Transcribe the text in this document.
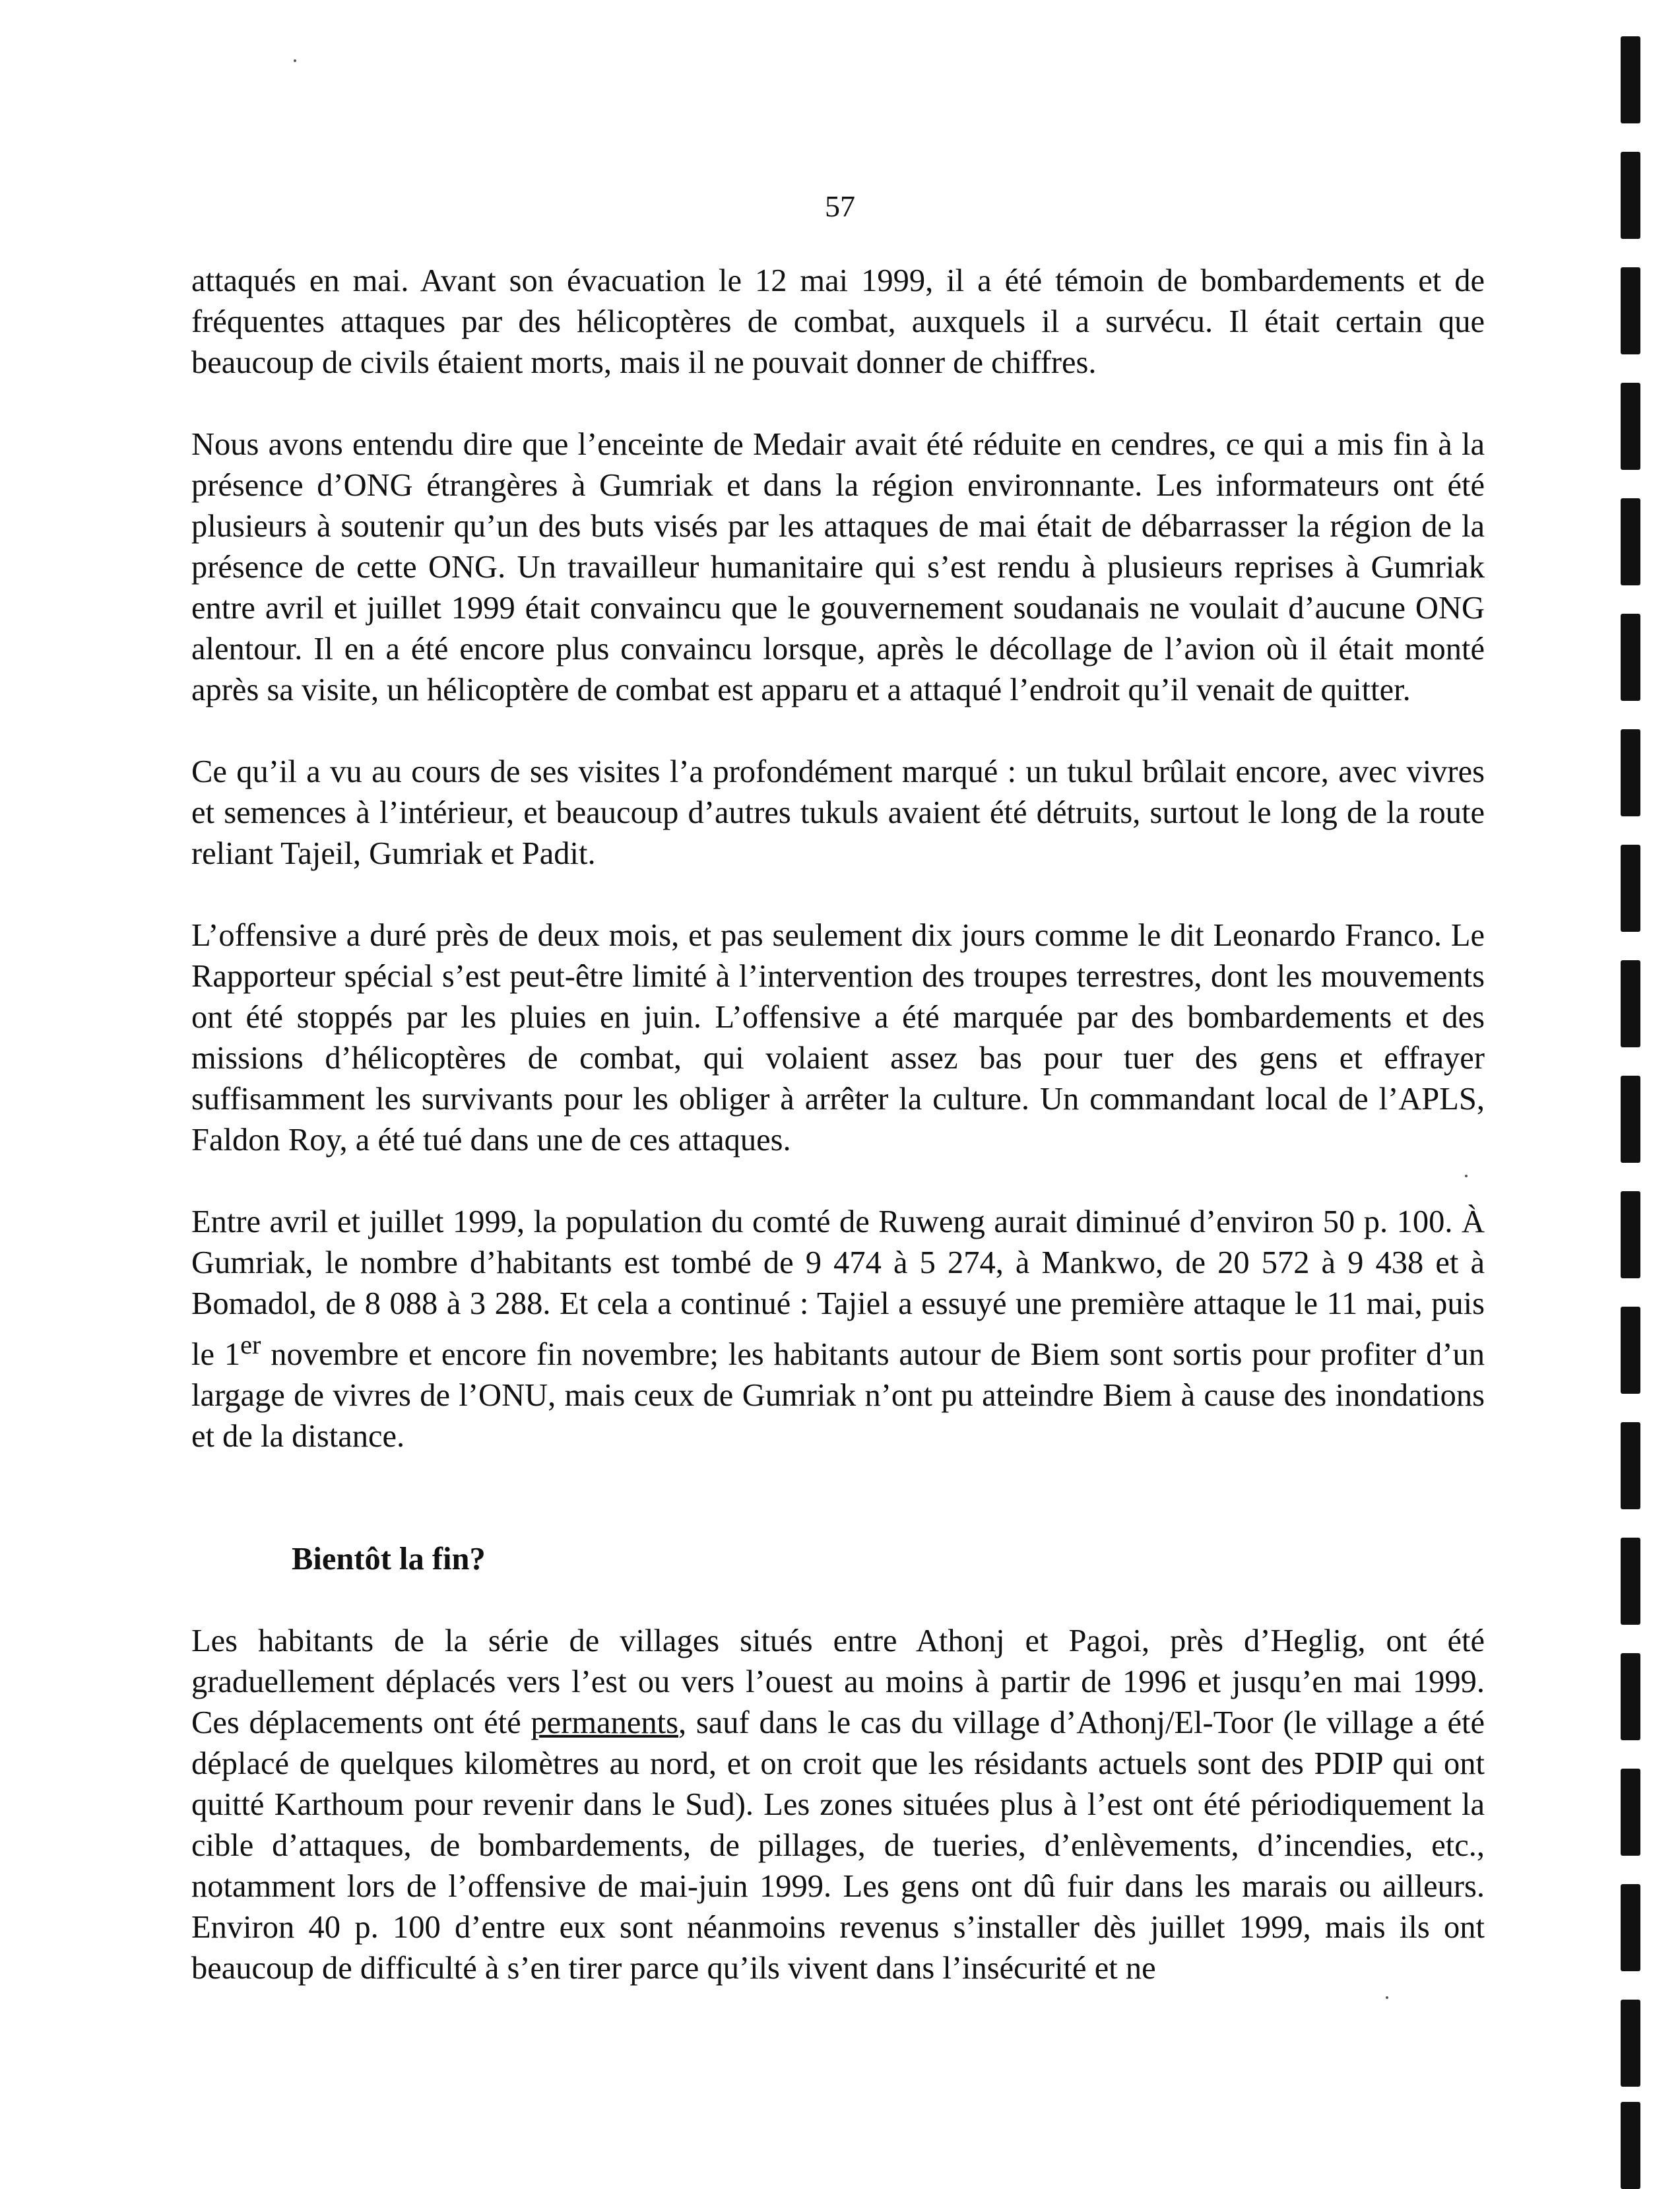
57

attaqués en mai. Avant son évacuation le 12 mai 1999, il a été témoin de bombardements et de fréquentes attaques par des hélicoptères de combat, auxquels il a survécu. Il était certain que beaucoup de civils étaient morts, mais il ne pouvait donner de chiffres.

Nous avons entendu dire que l’enceinte de Medair avait été réduite en cendres, ce qui a mis fin à la présence d’ONG étrangères à Gumriak et dans la région environnante. Les informateurs ont été plusieurs à soutenir qu’un des buts visés par les attaques de mai était de débarrasser la région de la présence de cette ONG. Un travailleur humanitaire qui s’est rendu à plusieurs reprises à Gumriak entre avril et juillet 1999 était convaincu que le gouvernement soudanais ne voulait d’aucune ONG alentour. Il en a été encore plus convaincu lorsque, après le décollage de l’avion où il était monté après sa visite, un hélicoptère de combat est apparu et a attaqué l’endroit qu’il venait de quitter.

Ce qu’il a vu au cours de ses visites l’a profondément marqué : un tukul brûlait encore, avec vivres et semences à l’intérieur, et beaucoup d’autres tukuls avaient été détruits, surtout le long de la route reliant Tajeil, Gumriak et Padit.

L’offensive a duré près de deux mois, et pas seulement dix jours comme le dit Leonardo Franco. Le Rapporteur spécial s’est peut-être limité à l’intervention des troupes terrestres, dont les mouvements ont été stoppés par les pluies en juin. L’offensive a été marquée par des bombardements et des missions d’hélicoptères de combat, qui volaient assez bas pour tuer des gens et effrayer suffisamment les survivants pour les obliger à arrêter la culture. Un commandant local de l’APLS, Faldon Roy, a été tué dans une de ces attaques.

Entre avril et juillet 1999, la population du comté de Ruweng aurait diminué d’environ 50 p. 100. À Gumriak, le nombre d’habitants est tombé de 9 474 à 5 274, à Mankwo, de 20 572 à 9 438 et à Bomadol, de 8 088 à 3 288. Et cela a continué : Tajiel a essuyé une première attaque le 11 mai, puis le 1er novembre et encore fin novembre; les habitants autour de Biem sont sortis pour profiter d’un largage de vivres de l’ONU, mais ceux de Gumriak n’ont pu atteindre Biem à cause des inondations et de la distance.

Bientôt la fin?

Les habitants de la série de villages situés entre Athonj et Pagoi, près d’Heglig, ont été graduellement déplacés vers l’est ou vers l’ouest au moins à partir de 1996 et jusqu’en mai 1999. Ces déplacements ont été permanents, sauf dans le cas du village d’Athonj/El-Toor (le village a été déplacé de quelques kilomètres au nord, et on croit que les résidants actuels sont des PDIP qui ont quitté Karthoum pour revenir dans le Sud). Les zones situées plus à l’est ont été périodiquement la cible d’attaques, de bombardements, de pillages, de tueries, d’enlèvements, d’incendies, etc., notamment lors de l’offensive de mai-juin 1999. Les gens ont dû fuir dans les marais ou ailleurs. Environ 40 p. 100 d’entre eux sont néanmoins revenus s’installer dès juillet 1999, mais ils ont beaucoup de difficulté à s’en tirer parce qu’ils vivent dans l’insécurité et ne
